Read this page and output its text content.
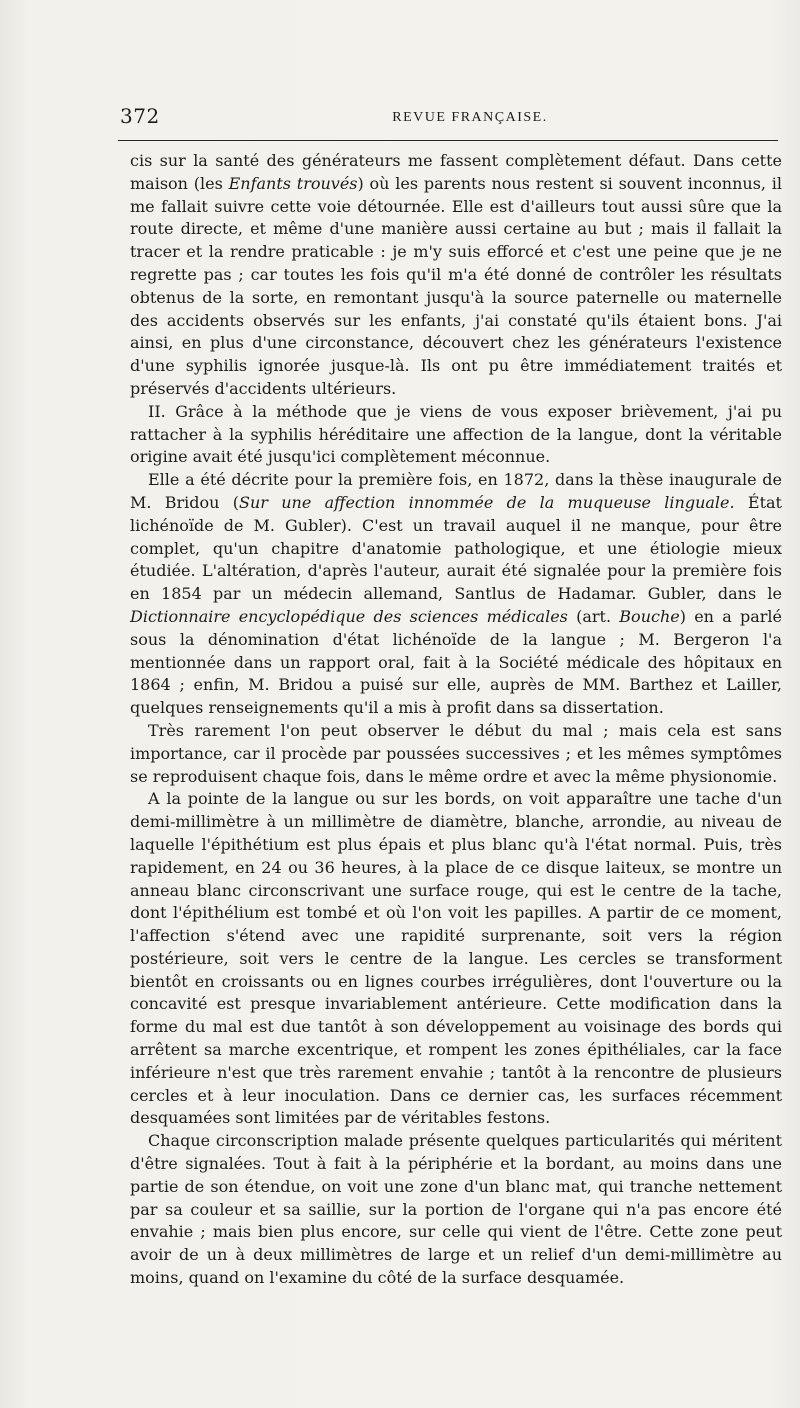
372	REVUE FRANÇAISE.

cis sur la santé des générateurs me fassent complètement défaut. Dans cette maison (les Enfants trouvés) où les parents nous restent si souvent inconnus, il me fallait suivre cette voie détournée. Elle est d'ailleurs tout aussi sûre que la route directe, et même d'une manière aussi certaine au but ; mais il fallait la tracer et la rendre praticable : je m'y suis efforcé et c'est une peine que je ne regrette pas ; car toutes les fois qu'il m'a été donné de contrôler les résultats obtenus de la sorte, en remontant jusqu'à la source paternelle ou maternelle des accidents observés sur les enfants, j'ai constaté qu'ils étaient bons. J'ai ainsi, en plus d'une circonstance, découvert chez les générateurs l'existence d'une syphilis ignorée jusque-là. Ils ont pu être immédiatement traités et préservés d'accidents ultérieurs.

II. Grâce à la méthode que je viens de vous exposer brièvement, j'ai pu rattacher à la syphilis héréditaire une affection de la langue, dont la véritable origine avait été jusqu'ici complètement méconnue.

Elle a été décrite pour la première fois, en 1872, dans la thèse inaugurale de M. Bridou (Sur une affection innommée de la muqueuse linguale. État lichénoïde de M. Gubler). C'est un travail auquel il ne manque, pour être complet, qu'un chapitre d'anatomie pathologique, et une étiologie mieux étudiée. L'altération, d'après l'auteur, aurait été signalée pour la première fois en 1854 par un médecin allemand, Santlus de Hadamar. Gubler, dans le Dictionnaire encyclopédique des sciences médicales (art. Bouche) en a parlé sous la dénomination d'état lichénoïde de la langue ; M. Bergeron l'a mentionnée dans un rapport oral, fait à la Société médicale des hôpitaux en 1864 ; enfin, M. Bridou a puisé sur elle, auprès de MM. Barthez et Lailler, quelques renseignements qu'il a mis à profit dans sa dissertation.

Très rarement l'on peut observer le début du mal ; mais cela est sans importance, car il procède par poussées successives ; et les mêmes symptômes se reproduisent chaque fois, dans le même ordre et avec la même physionomie.

A la pointe de la langue ou sur les bords, on voit apparaître une tache d'un demi-millimètre à un millimètre de diamètre, blanche, arrondie, au niveau de laquelle l'épithétium est plus épais et plus blanc qu'à l'état normal. Puis, très rapidement, en 24 ou 36 heures, à la place de ce disque laiteux, se montre un anneau blanc circonscrivant une surface rouge, qui est le centre de la tache, dont l'épithélium est tombé et où l'on voit les papilles. A partir de ce moment, l'affection s'étend avec une rapidité surprenante, soit vers la région postérieure, soit vers le centre de la langue. Les cercles se transforment bientôt en croissants ou en lignes courbes irrégulières, dont l'ouverture ou la concavité est presque invariablement antérieure. Cette modification dans la forme du mal est due tantôt à son développement au voisinage des bords qui arrêtent sa marche excentrique, et rompent les zones épithéliales, car la face inférieure n'est que très rarement envahie ; tantôt à la rencontre de plusieurs cercles et à leur inoculation. Dans ce dernier cas, les surfaces récemment desquamées sont limitées par de véritables festons.

Chaque circonscription malade présente quelques particularités qui méritent d'être signalées. Tout à fait à la périphérie et la bordant, au moins dans une partie de son étendue, on voit une zone d'un blanc mat, qui tranche nettement par sa couleur et sa saillie, sur la portion de l'organe qui n'a pas encore été envahie ; mais bien plus encore, sur celle qui vient de l'être. Cette zone peut avoir de un à deux millimètres de large et un relief d'un demi-millimètre au moins, quand on l'examine du côté de la surface desquamée.
